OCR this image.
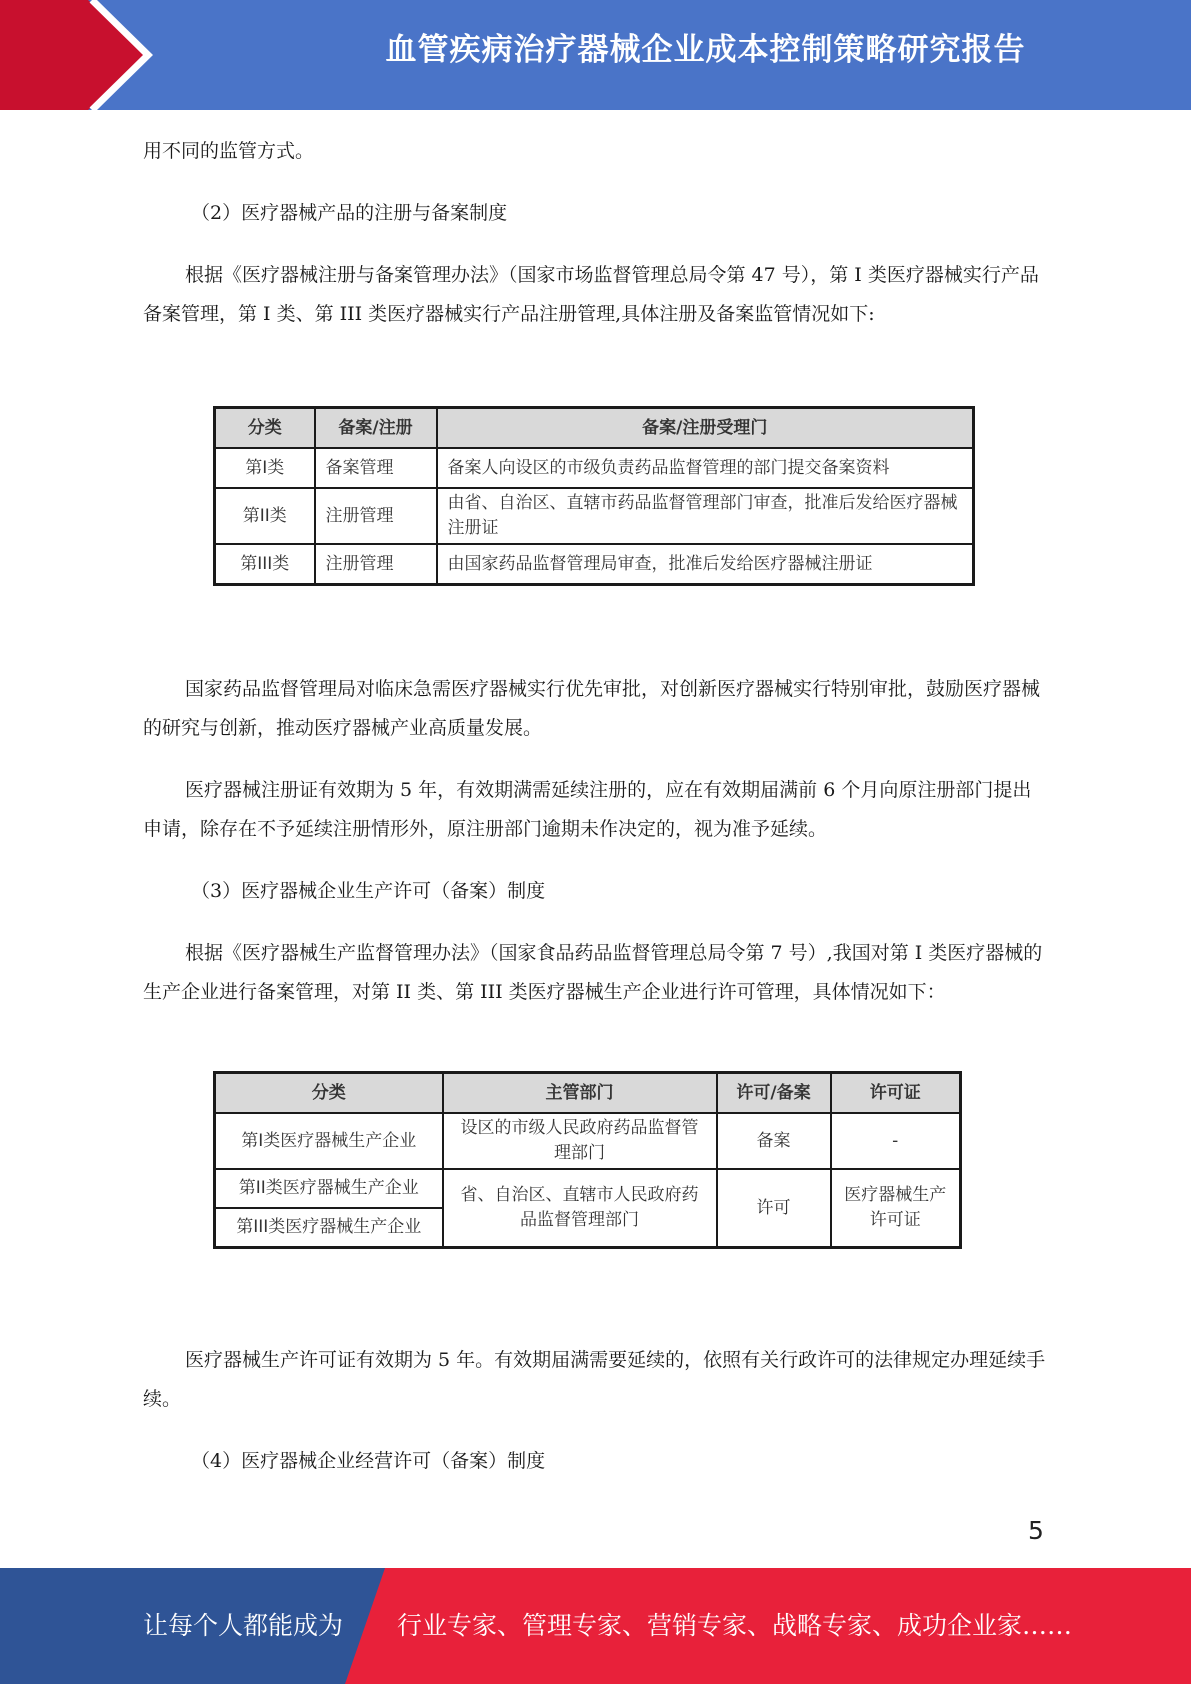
血管疾病治疗器械企业成本控制策略研究报告

用不同的监管方式。

（2）医疗器械产品的注册与备案制度

根据《医疗器械注册与备案管理办法》（国家市场监督管理总局令第 47 号），第 I 类医疗器械实行产品备案管理，第 I 类、第 III 类医疗器械实行产品注册管理,具体注册及备案监管情况如下:

分类	备案/注册	备案/注册受理门
第I类	备案管理	备案人向设区的市级负责药品监督管理的部门提交备案资料
第II类	注册管理	由省、自治区、直辖市药品监督管理部门审查，批准后发给医疗器械注册证
第III类	注册管理	由国家药品监督管理局审查，批准后发给医疗器械注册证

国家药品监督管理局对临床急需医疗器械实行优先审批，对创新医疗器械实行特别审批，鼓励医疗器械的研究与创新，推动医疗器械产业高质量发展。

医疗器械注册证有效期为 5 年，有效期满需延续注册的，应在有效期届满前 6 个月向原注册部门提出申请，除存在不予延续注册情形外，原注册部门逾期未作决定的，视为准予延续。

（3）医疗器械企业生产许可（备案）制度

根据《医疗器械生产监督管理办法》（国家食品药品监督管理总局令第 7 号）,我国对第 I 类医疗器械的生产企业进行备案管理，对第 II 类、第 III 类医疗器械生产企业进行许可管理，具体情况如下：

分类	主管部门	许可/备案	许可证
第I类医疗器械生产企业	设区的市级人民政府药品监督管理部门	备案	-
第II类医疗器械生产企业	省、自治区、直辖市人民政府药品监督管理部门	许可	医疗器械生产许可证
第III类医疗器械生产企业			

医疗器械生产许可证有效期为 5 年。有效期届满需要延续的，依照有关行政许可的法律规定办理延续手续。

（4）医疗器械企业经营许可（备案）制度

5
让每个人都能成为 行业专家、管理专家、营销专家、战略专家、成功企业家……
